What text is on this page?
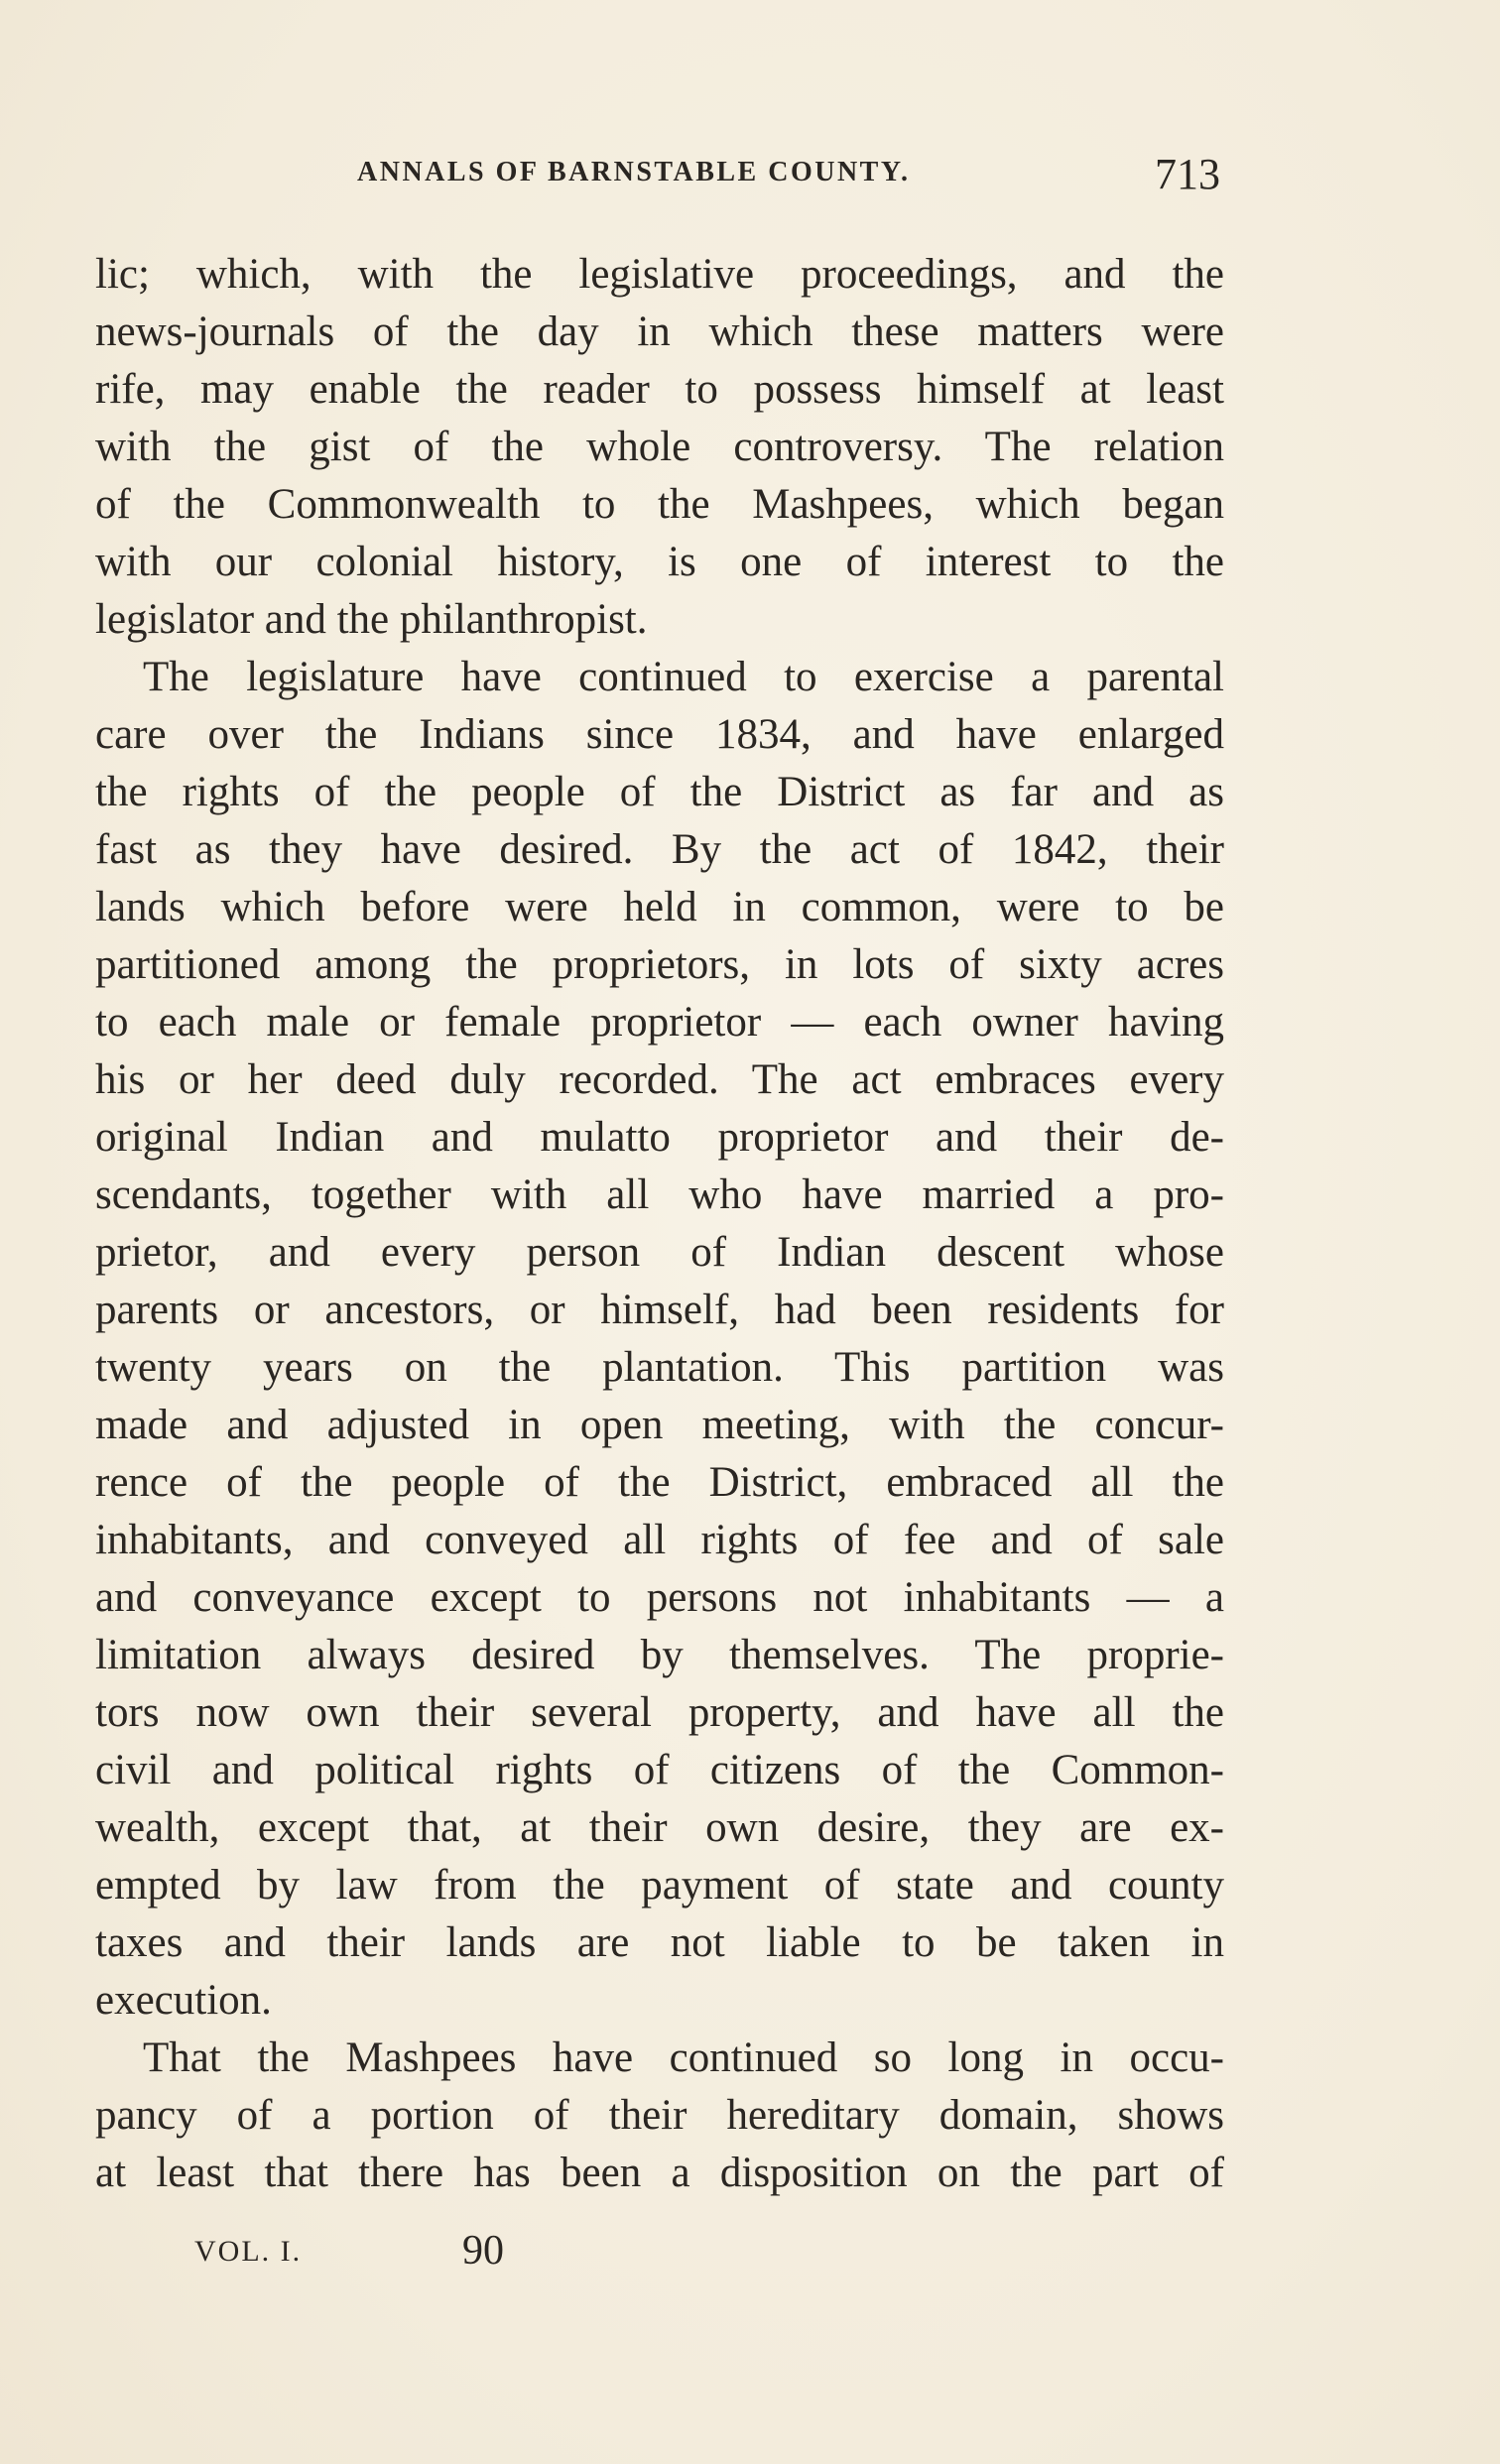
ANNALS OF BARNSTABLE COUNTY.	713
lic; which, with the legislative proceedings, and the
news-journals of the day in which these matters were
rife, may enable the reader to possess himself at least
with the gist of the whole controversy. The relation
of the Commonwealth to the Mashpees, which began
with our colonial history, is one of interest to the
legislator and the philanthropist.
The legislature have continued to exercise a parental
care over the Indians since 1834, and have enlarged
the rights of the people of the District as far and as
fast as they have desired. By the act of 1842, their
lands which before were held in common, were to be
partitioned among the proprietors, in lots of sixty acres
to each male or female proprietor — each owner having
his or her deed duly recorded. The act embraces every
original Indian and mulatto proprietor and their de-
scendants, together with all who have married a pro-
prietor, and every person of Indian descent whose
parents or ancestors, or himself, had been residents for
twenty years on the plantation. This partition was
made and adjusted in open meeting, with the concur-
rence of the people of the District, embraced all the
inhabitants, and conveyed all rights of fee and of sale
and conveyance except to persons not inhabitants — a
limitation always desired by themselves. The proprie-
tors now own their several property, and have all the
civil and political rights of citizens of the Common-
wealth, except that, at their own desire, they are ex-
empted by law from the payment of state and county
taxes and their lands are not liable to be taken in
execution.
That the Mashpees have continued so long in occu-
pancy of a portion of their hereditary domain, shows
at least that there has been a disposition on the part of
VOL. I.	90
